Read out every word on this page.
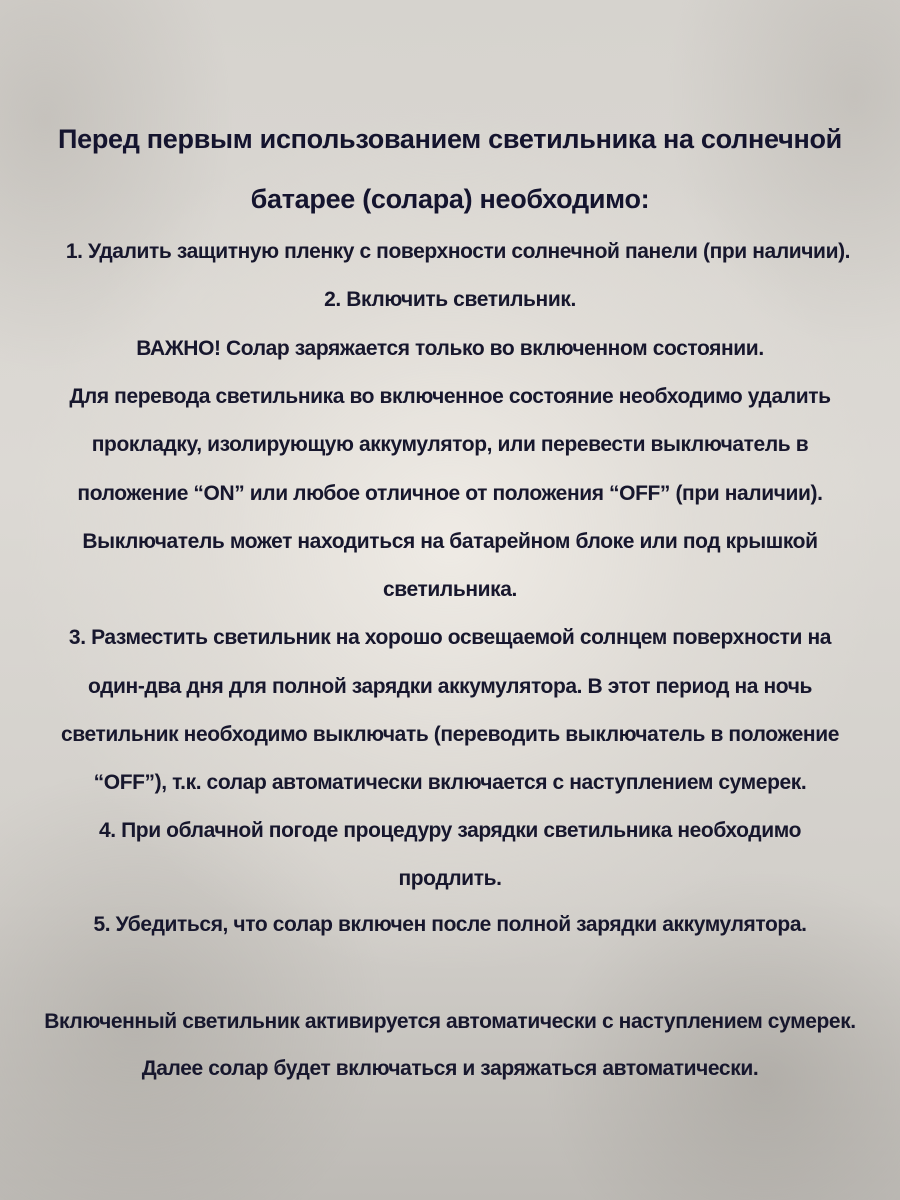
Перед первым использованием светильника на солнечной
батарее (солара) необходимо:
1. Удалить защитную пленку с поверхности солнечной панели (при наличии).
2. Включить светильник.
ВАЖНО! Солар заряжается только во включенном состоянии.
Для перевода светильника во включенное состояние необходимо удалить
прокладку, изолирующую аккумулятор, или перевести выключатель в
положение “ON” или любое отличное от положения “OFF” (при наличии).
Выключатель может находиться на батарейном блоке или под крышкой
светильника.
3. Разместить светильник на хорошо освещаемой солнцем поверхности на
один-два дня для полной зарядки аккумулятора. В этот период на ночь
светильник необходимо выключать (переводить выключатель в положение
“OFF”), т.к. солар автоматически включается с наступлением сумерек.
4. При облачной погоде процедуру зарядки светильника необходимо
продлить.
5. Убедиться, что солар включен после полной зарядки аккумулятора.
Включенный светильник активируется автоматически с наступлением сумерек.
Далее солар будет включаться и заряжаться автоматически.
